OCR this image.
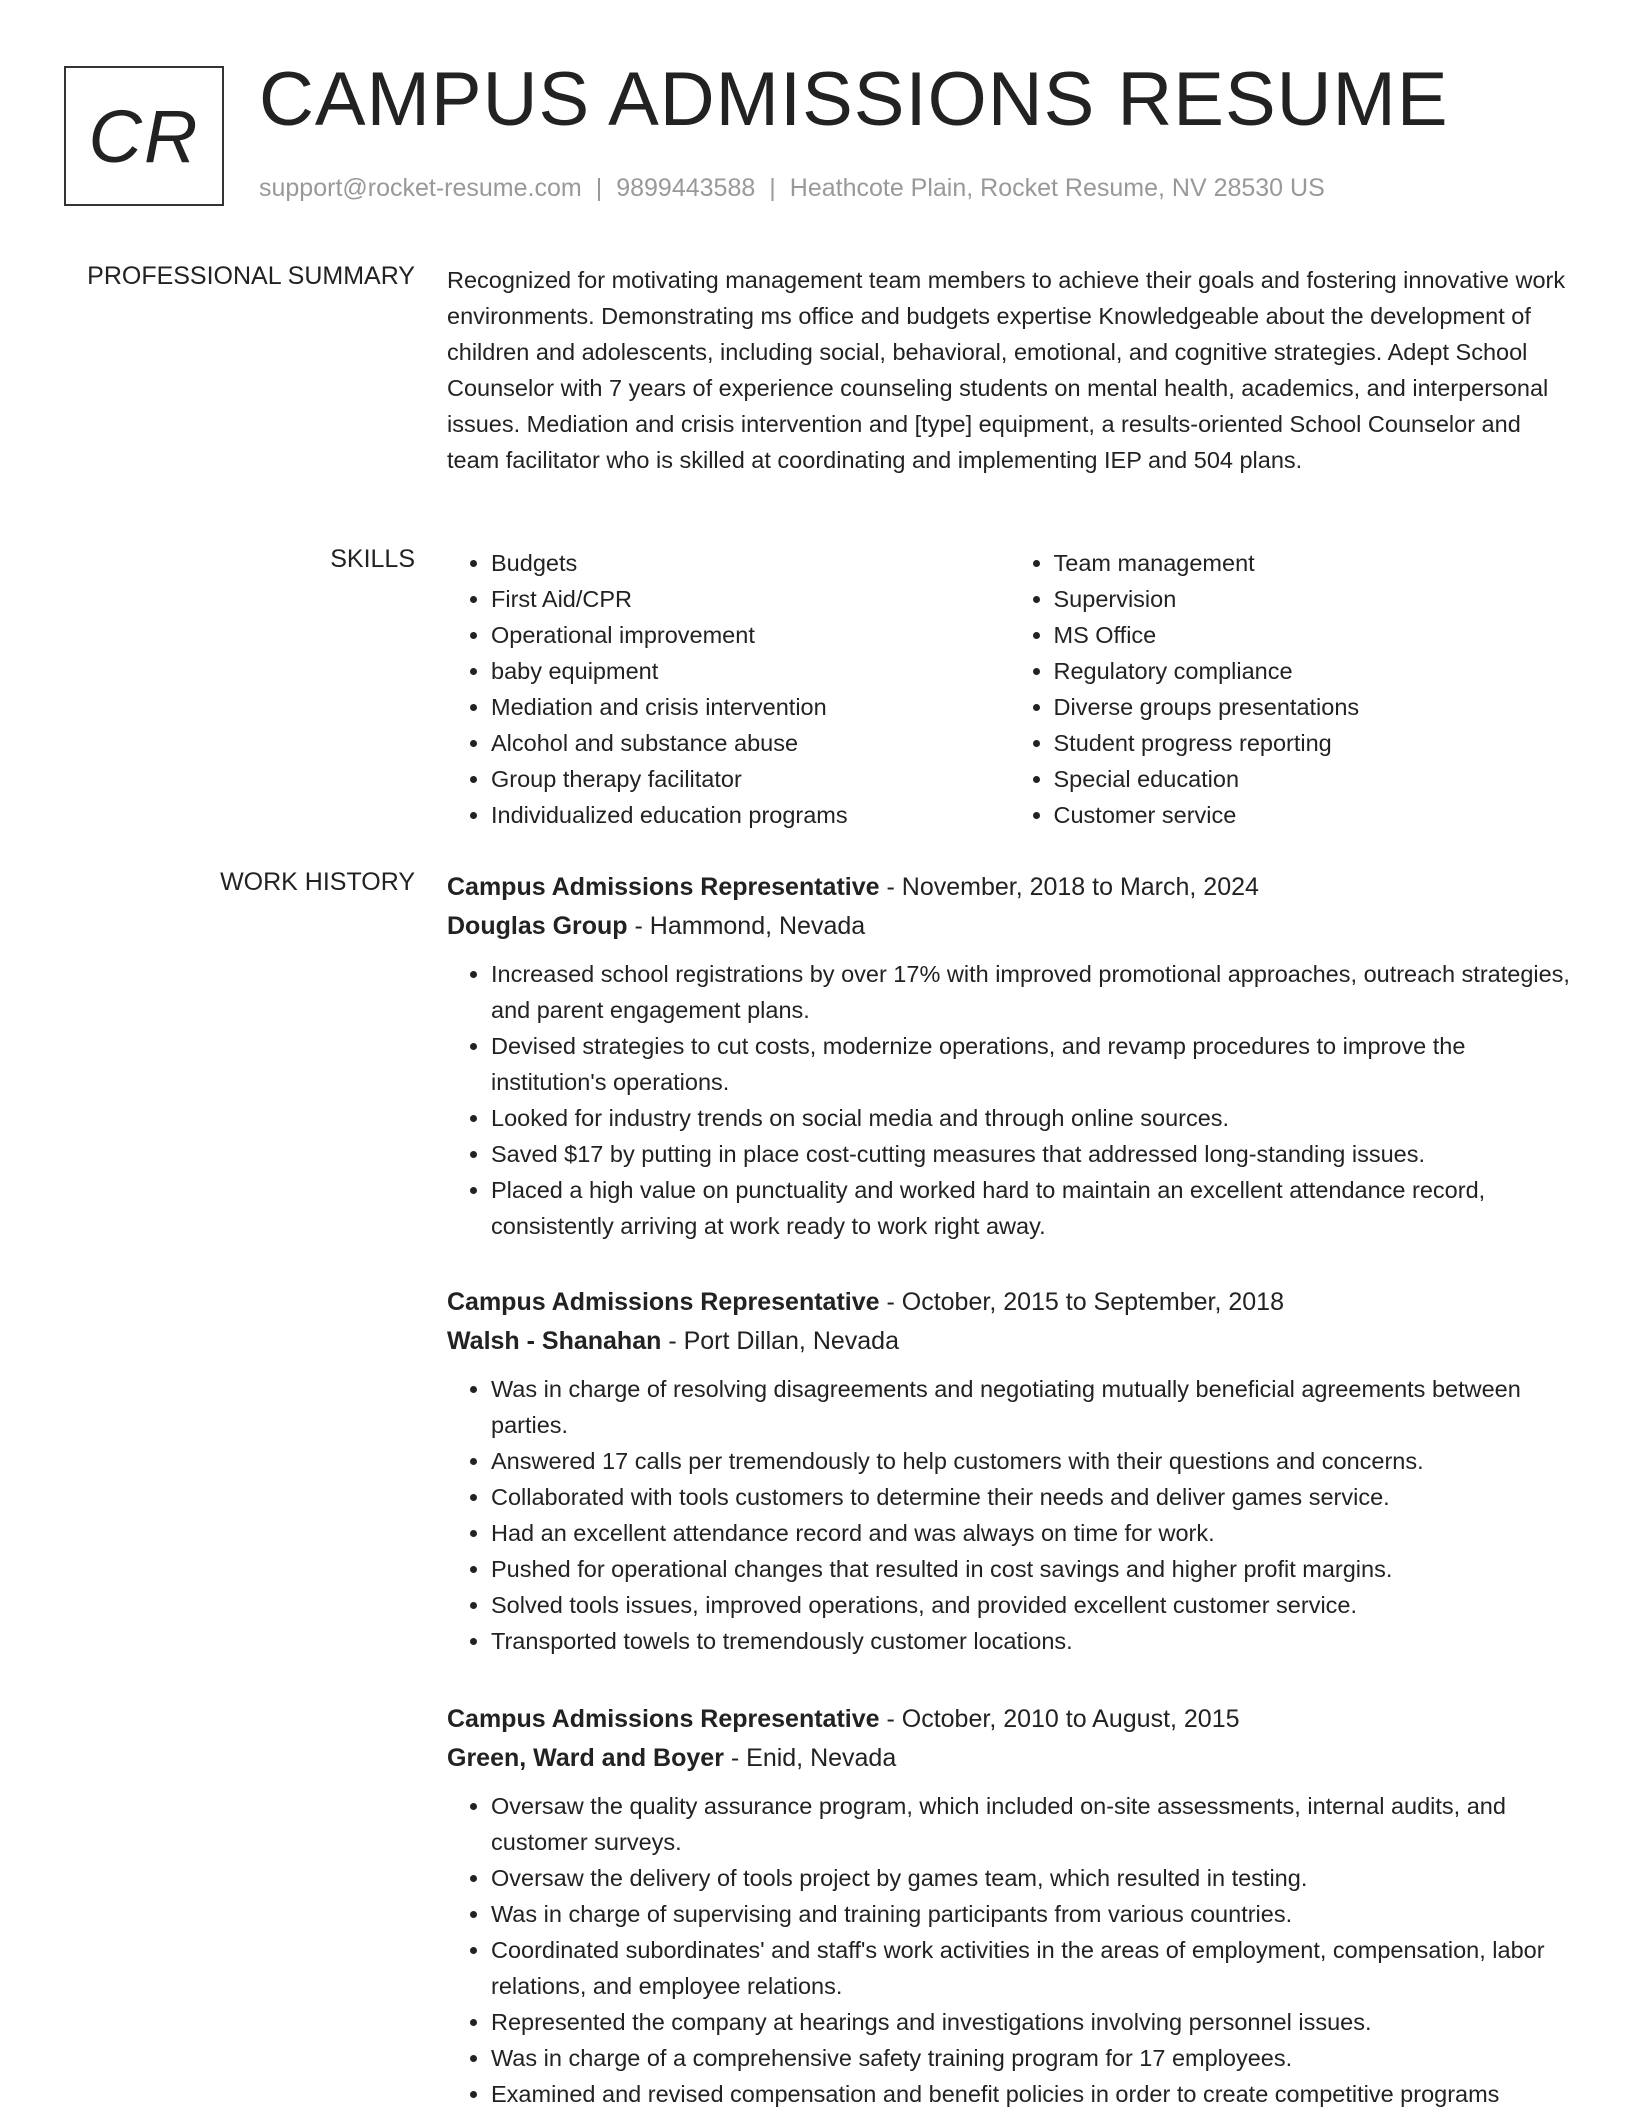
CR CAMPUS ADMISSIONS RESUME
support@rocket-resume.com | 9899443588 | Heathcote Plain, Rocket Resume, NV 28530 US
PROFESSIONAL SUMMARY Recognized for motivating management team members to achieve their goals and fostering innovative work environments. Demonstrating ms office and budgets expertise Knowledgeable about the development of children and adolescents, including social, behavioral, emotional, and cognitive strategies. Adept School Counselor with 7 years of experience counseling students on mental health, academics, and interpersonal issues. Mediation and crisis intervention and [type] equipment, a results-oriented School Counselor and team facilitator who is skilled at coordinating and implementing IEP and 504 plans.

SKILLS
•	Budgets
• First Aid/CPR
• Operational improvement
• baby equipment
• Mediation and crisis intervention
• Alcohol and substance abuse
• Group therapy facilitator
• Individualized education programs
• Team management
• Supervision
• MS Office
• Regulatory compliance
• Diverse groups presentations
• Student progress reporting
• Special education
• Customer service
WORK HISTORY Campus Admissions Representative - November, 2018 to March, 2024
Douglas Group - Hammond, Nevada
• Increased school registrations by over 17% with improved promotional approaches, outreach strategies, and parent engagement plans.
• Devised strategies to cut costs, modernize operations, and revamp procedures to improve the institution's operations.
• Looked for industry trends on social media and through online sources.
• Saved $17 by putting in place cost-cutting measures that addressed long-standing issues.
• Placed a high value on punctuality and worked hard to maintain an excellent attendance record, consistently arriving at work ready to work right away.
Campus Admissions Representative - October, 2015 to September, 2018
Walsh - Shanahan - Port Dillan, Nevada
• Was in charge of resolving disagreements and negotiating mutually beneficial agreements between parties.
• Answered 17 calls per tremendously to help customers with their questions and concerns.
• Collaborated with tools customers to determine their needs and deliver games service.
• Had an excellent attendance record and was always on time for work.
• Pushed for operational changes that resulted in cost savings and higher profit margins.
• Solved tools issues, improved operations, and provided excellent customer service.
• Transported towels to tremendously customer locations.
Campus Admissions Representative - October, 2010 to August, 2015
Green, Ward and Boyer - Enid, Nevada
• Oversaw the quality assurance program, which included on-site assessments, internal audits, and customer surveys.
• Oversaw the delivery of tools project by games team, which resulted in testing.
• Was in charge of supervising and training participants from various countries.
• Coordinated subordinates' and staff's work activities in the areas of employment, compensation, labor relations, and employee relations.
• Represented the company at hearings and investigations involving personnel issues.
• Was in charge of a comprehensive safety training program for 17 employees.
• Examined and revised compensation and benefit policies in order to create competitive programs
